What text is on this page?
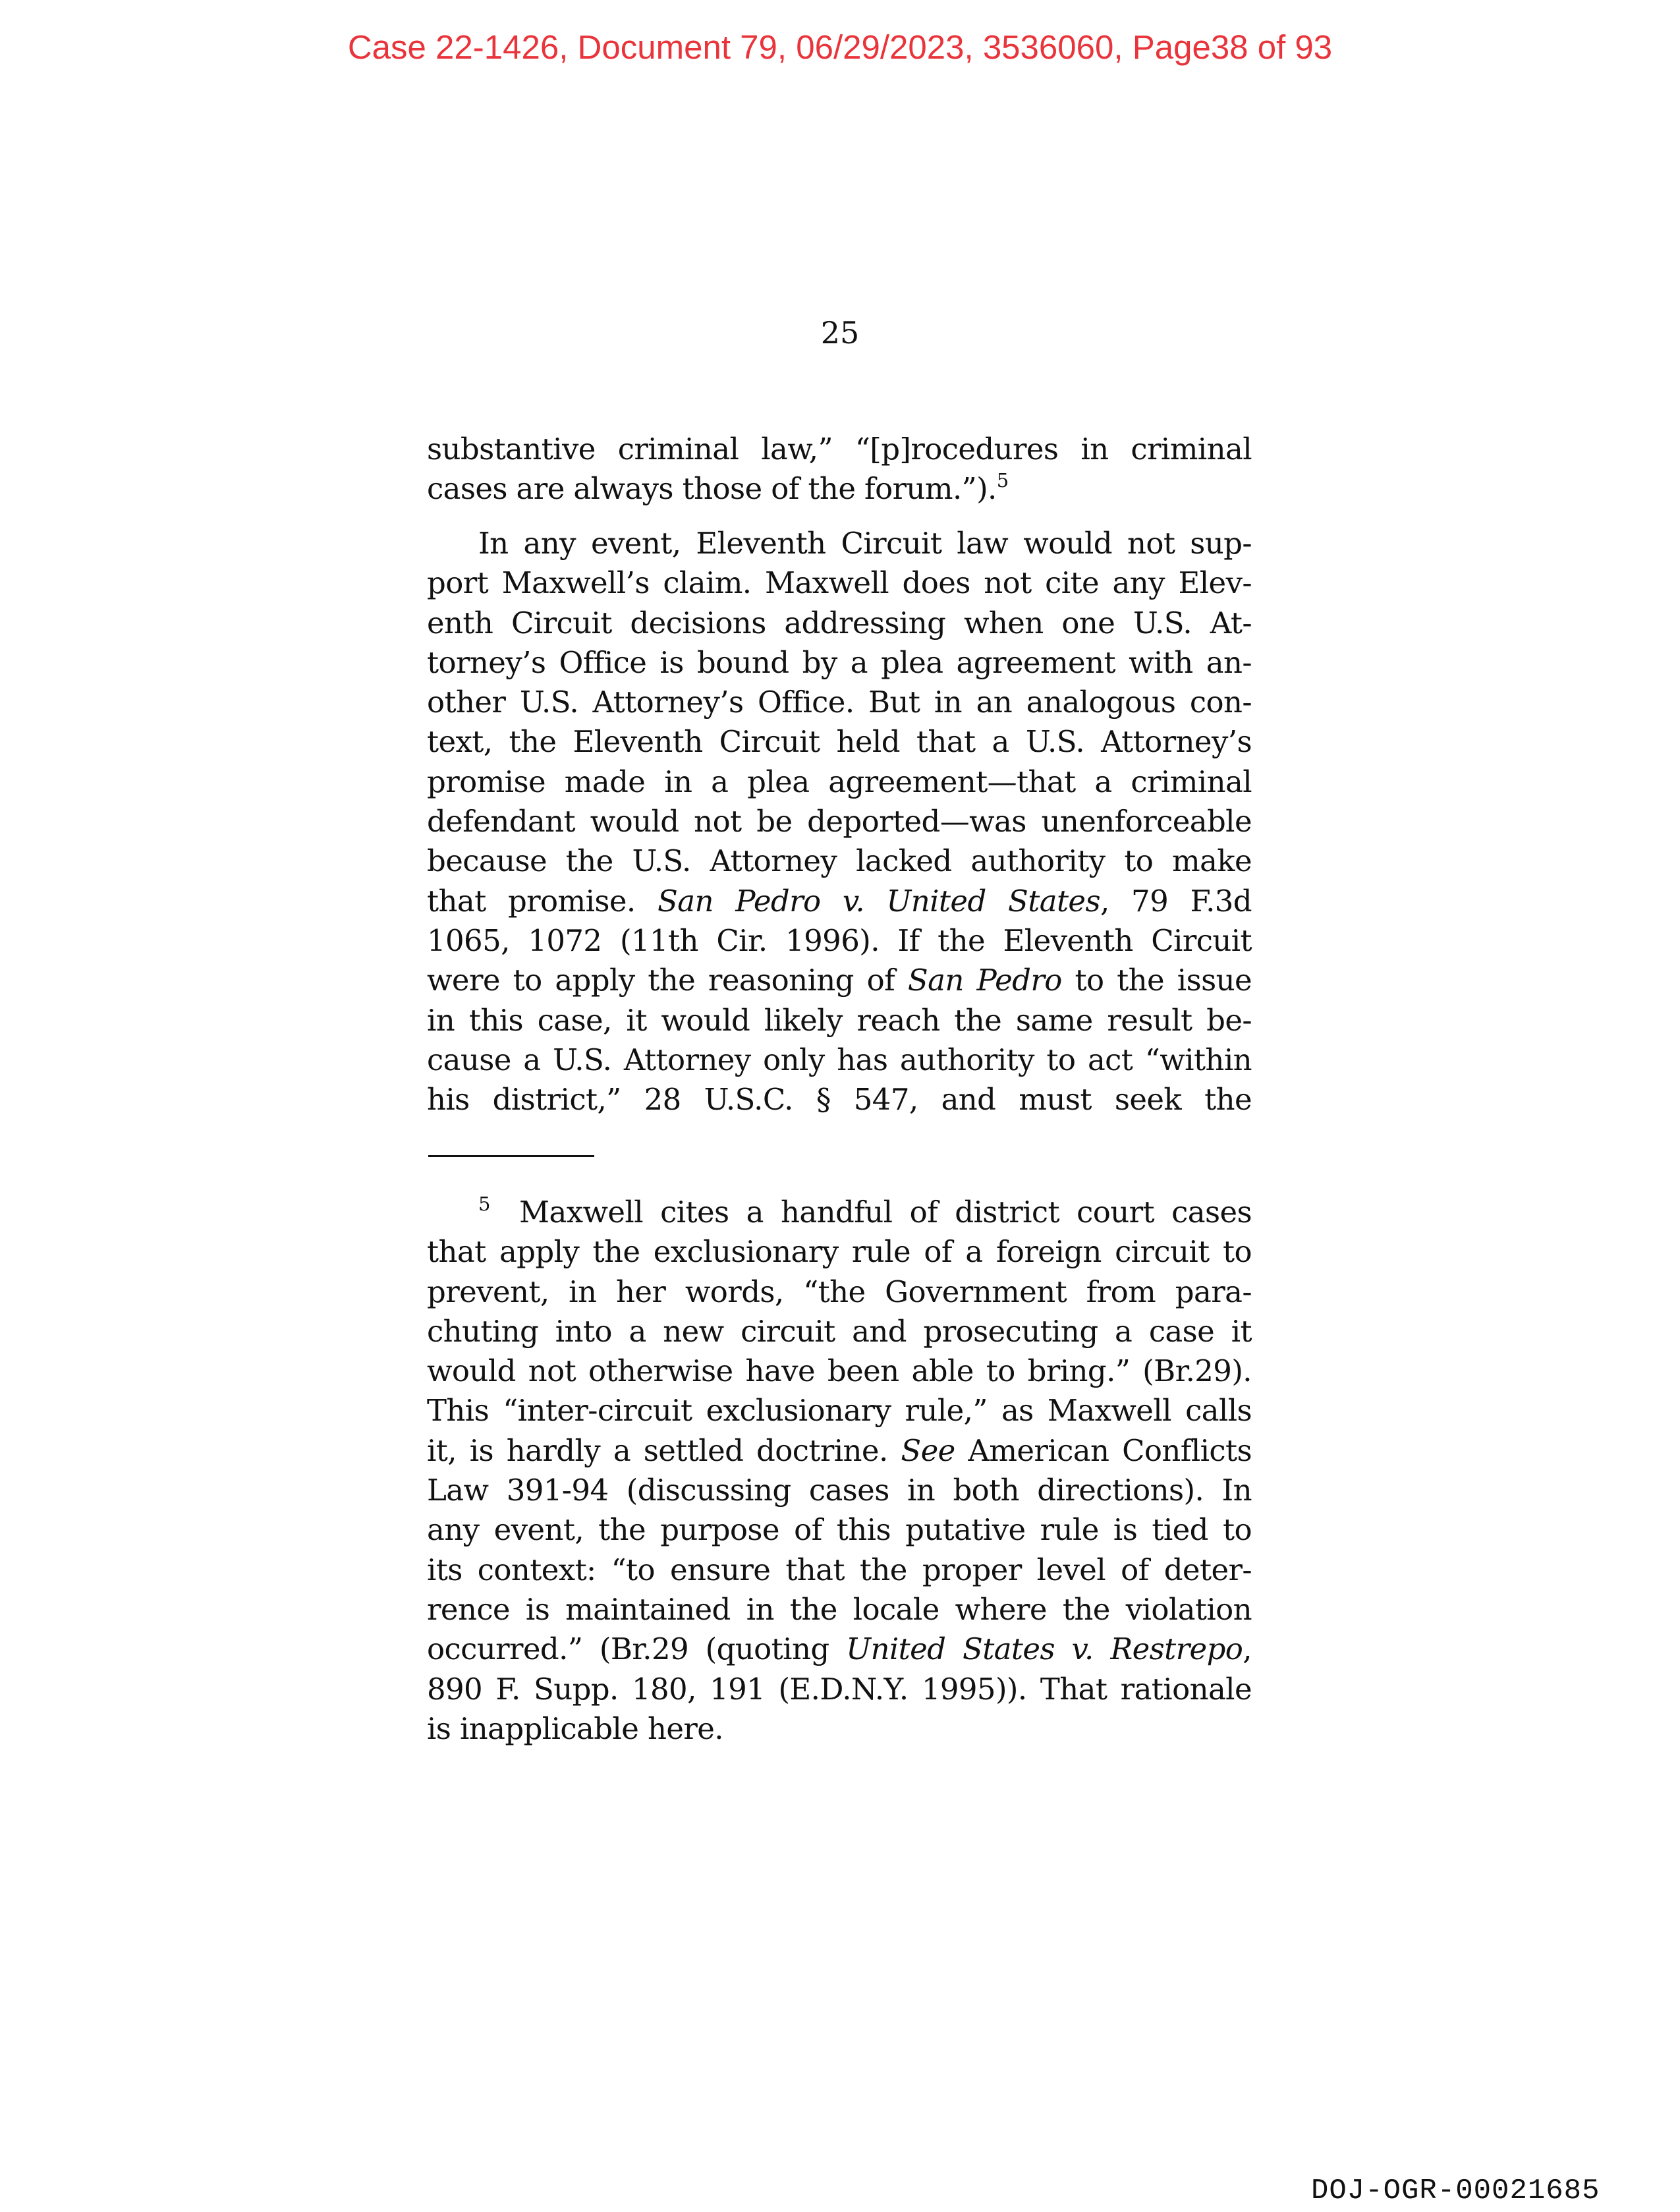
Case 22-1426, Document 79, 06/29/2023, 3536060, Page38 of 93
25
substantive criminal law,” “[p]rocedures in criminal
cases are always those of the forum.”).$^5$
In any event, Eleventh Circuit law would not sup-
port Maxwell’s claim. Maxwell does not cite any Elev-
enth Circuit decisions addressing when one U.S. At-
torney’s Office is bound by a plea agreement with an-
other U.S. Attorney’s Office. But in an analogous con-
text, the Eleventh Circuit held that a U.S. Attorney’s
promise made in a plea agreement—that a criminal
defendant would not be deported—was unenforceable
because the U.S. Attorney lacked authority to make
that promise. San Pedro v. United States, 79 F.3d
1065, 1072 (11th Cir. 1996). If the Eleventh Circuit
were to apply the reasoning of San Pedro to the issue
in this case, it would likely reach the same result be-
cause a U.S. Attorney only has authority to act “within
his district,” 28 U.S.C. § 547, and must seek the
5 Maxwell cites a handful of district court cases
that apply the exclusionary rule of a foreign circuit to
prevent, in her words, “the Government from para-
chuting into a new circuit and prosecuting a case it
would not otherwise have been able to bring.” (Br.29).
This “inter-circuit exclusionary rule,” as Maxwell calls
it, is hardly a settled doctrine. See American Conflicts
Law 391-94 (discussing cases in both directions). In
any event, the purpose of this putative rule is tied to
its context: “to ensure that the proper level of deter-
rence is maintained in the locale where the violation
occurred.” (Br.29 (quoting United States v. Restrepo,
890 F. Supp. 180, 191 (E.D.N.Y. 1995)). That rationale
is inapplicable here.
DOJ-OGR-00021685
